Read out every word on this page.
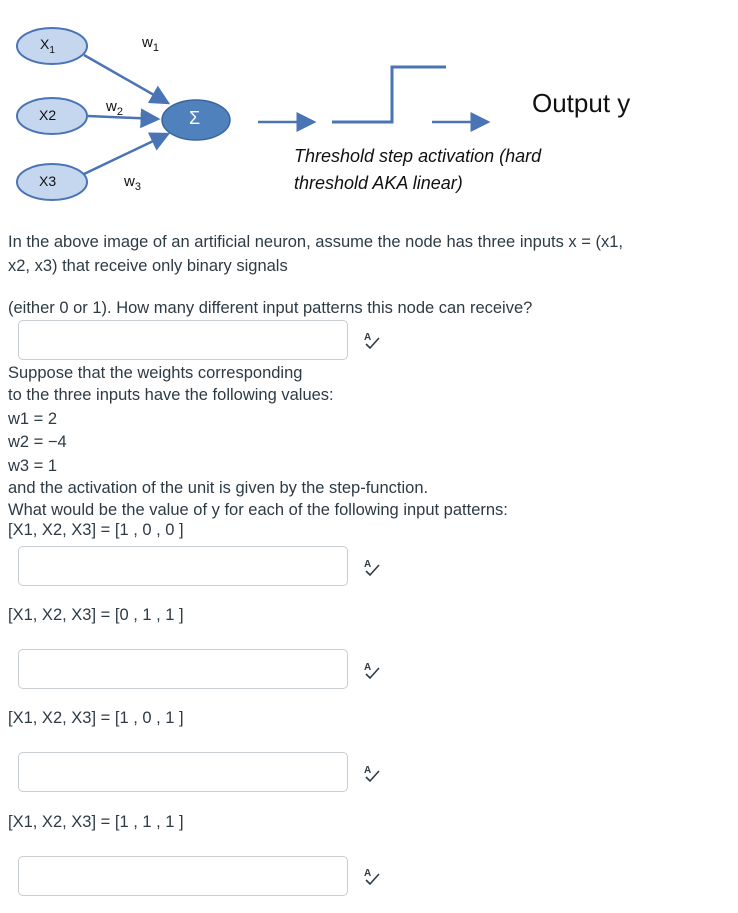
$X_1$
X2
X3
$w_1$
$w_2$
$w_3$
Σ	Output y
Threshold step activation (hard
threshold AKA linear)
In the above image of an artificial neuron, assume the node has three inputs x = (x1,
x2, x3) that receive only binary signals
(either 0 or 1). How many different input patterns this node can receive?
A
Suppose that the weights corresponding
to the three inputs have the following values:
w1 = 2
w2 = −4
w3 = 1
and the activation of the unit is given by the step-function.
What would be the value of y for each of the following input patterns:
[X1, X2, X3] = [1 , 0 , 0 ]
A
[X1, X2, X3] = [0 , 1 , 1 ]
A
[X1, X2, X3] = [1 , 0 , 1 ]
A
[X1, X2, X3] = [1 , 1 , 1 ]
A
